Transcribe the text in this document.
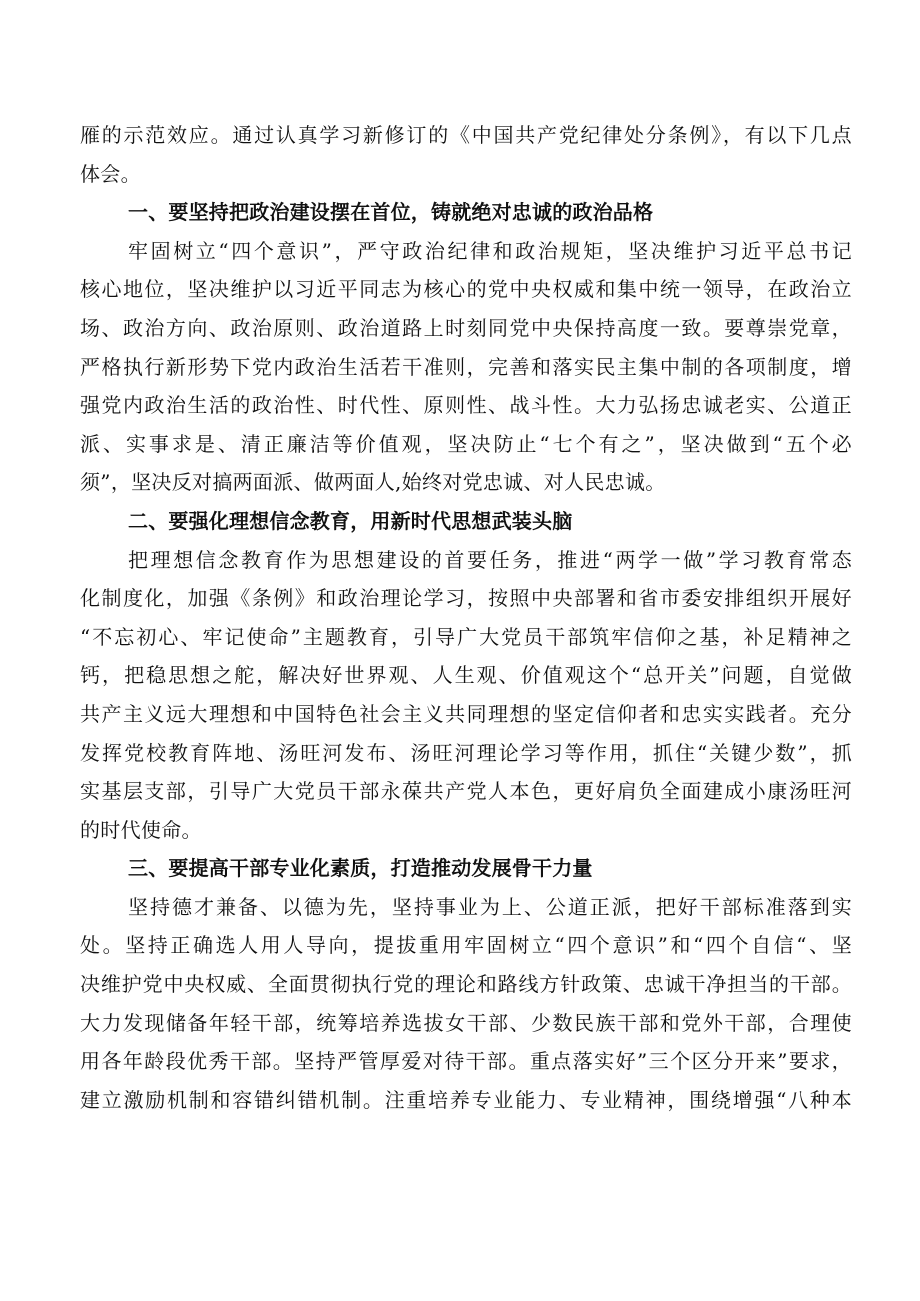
雁的示范效应。通过认真学习新修订的《中国共产党纪律处分条例》，有以下几点
体会。
一、要坚持把政治建设摆在首位，铸就绝对忠诚的政治品格
牢固树立“四个意识”，严守政治纪律和政治规矩，坚决维护习近平总书记
核心地位，坚决维护以习近平同志为核心的党中央权威和集中统一领导，在政治立
场、政治方向、政治原则、政治道路上时刻同党中央保持高度一致。要尊崇党章，
严格执行新形势下党内政治生活若干准则，完善和落实民主集中制的各项制度，增
强党内政治生活的政治性、时代性、原则性、战斗性。大力弘扬忠诚老实、公道正
派、实事求是、清正廉洁等价值观，坚决防止“七个有之”，坚决做到“五个必
须”，坚决反对搞两面派、做两面人,始终对党忠诚、对人民忠诚。
二、要强化理想信念教育，用新时代思想武装头脑
把理想信念教育作为思想建设的首要任务，推进“两学一做”学习教育常态
化制度化，加强《条例》和政治理论学习，按照中央部署和省市委安排组织开展好
“不忘初心、牢记使命”主题教育，引导广大党员干部筑牢信仰之基，补足精神之
钙，把稳思想之舵，解决好世界观、人生观、价值观这个“总开关”问题，自觉做
共产主义远大理想和中国特色社会主义共同理想的坚定信仰者和忠实实践者。充分
发挥党校教育阵地、汤旺河发布、汤旺河理论学习等作用，抓住“关键少数”，抓
实基层支部，引导广大党员干部永葆共产党人本色，更好肩负全面建成小康汤旺河
的时代使命。
三、要提高干部专业化素质，打造推动发展骨干力量
坚持德才兼备、以德为先，坚持事业为上、公道正派，把好干部标准落到实
处。坚持正确选人用人导向，提拔重用牢固树立“四个意识”和“四个自信“、坚
决维护党中央权威、全面贯彻执行党的理论和路线方针政策、忠诚干净担当的干部。
大力发现储备年轻干部，统筹培养选拔女干部、少数民族干部和党外干部，合理使
用各年龄段优秀干部。坚持严管厚爱对待干部。重点落实好”三个区分开来”要求，
建立激励机制和容错纠错机制。注重培养专业能力、专业精神，围绕增强“八种本
